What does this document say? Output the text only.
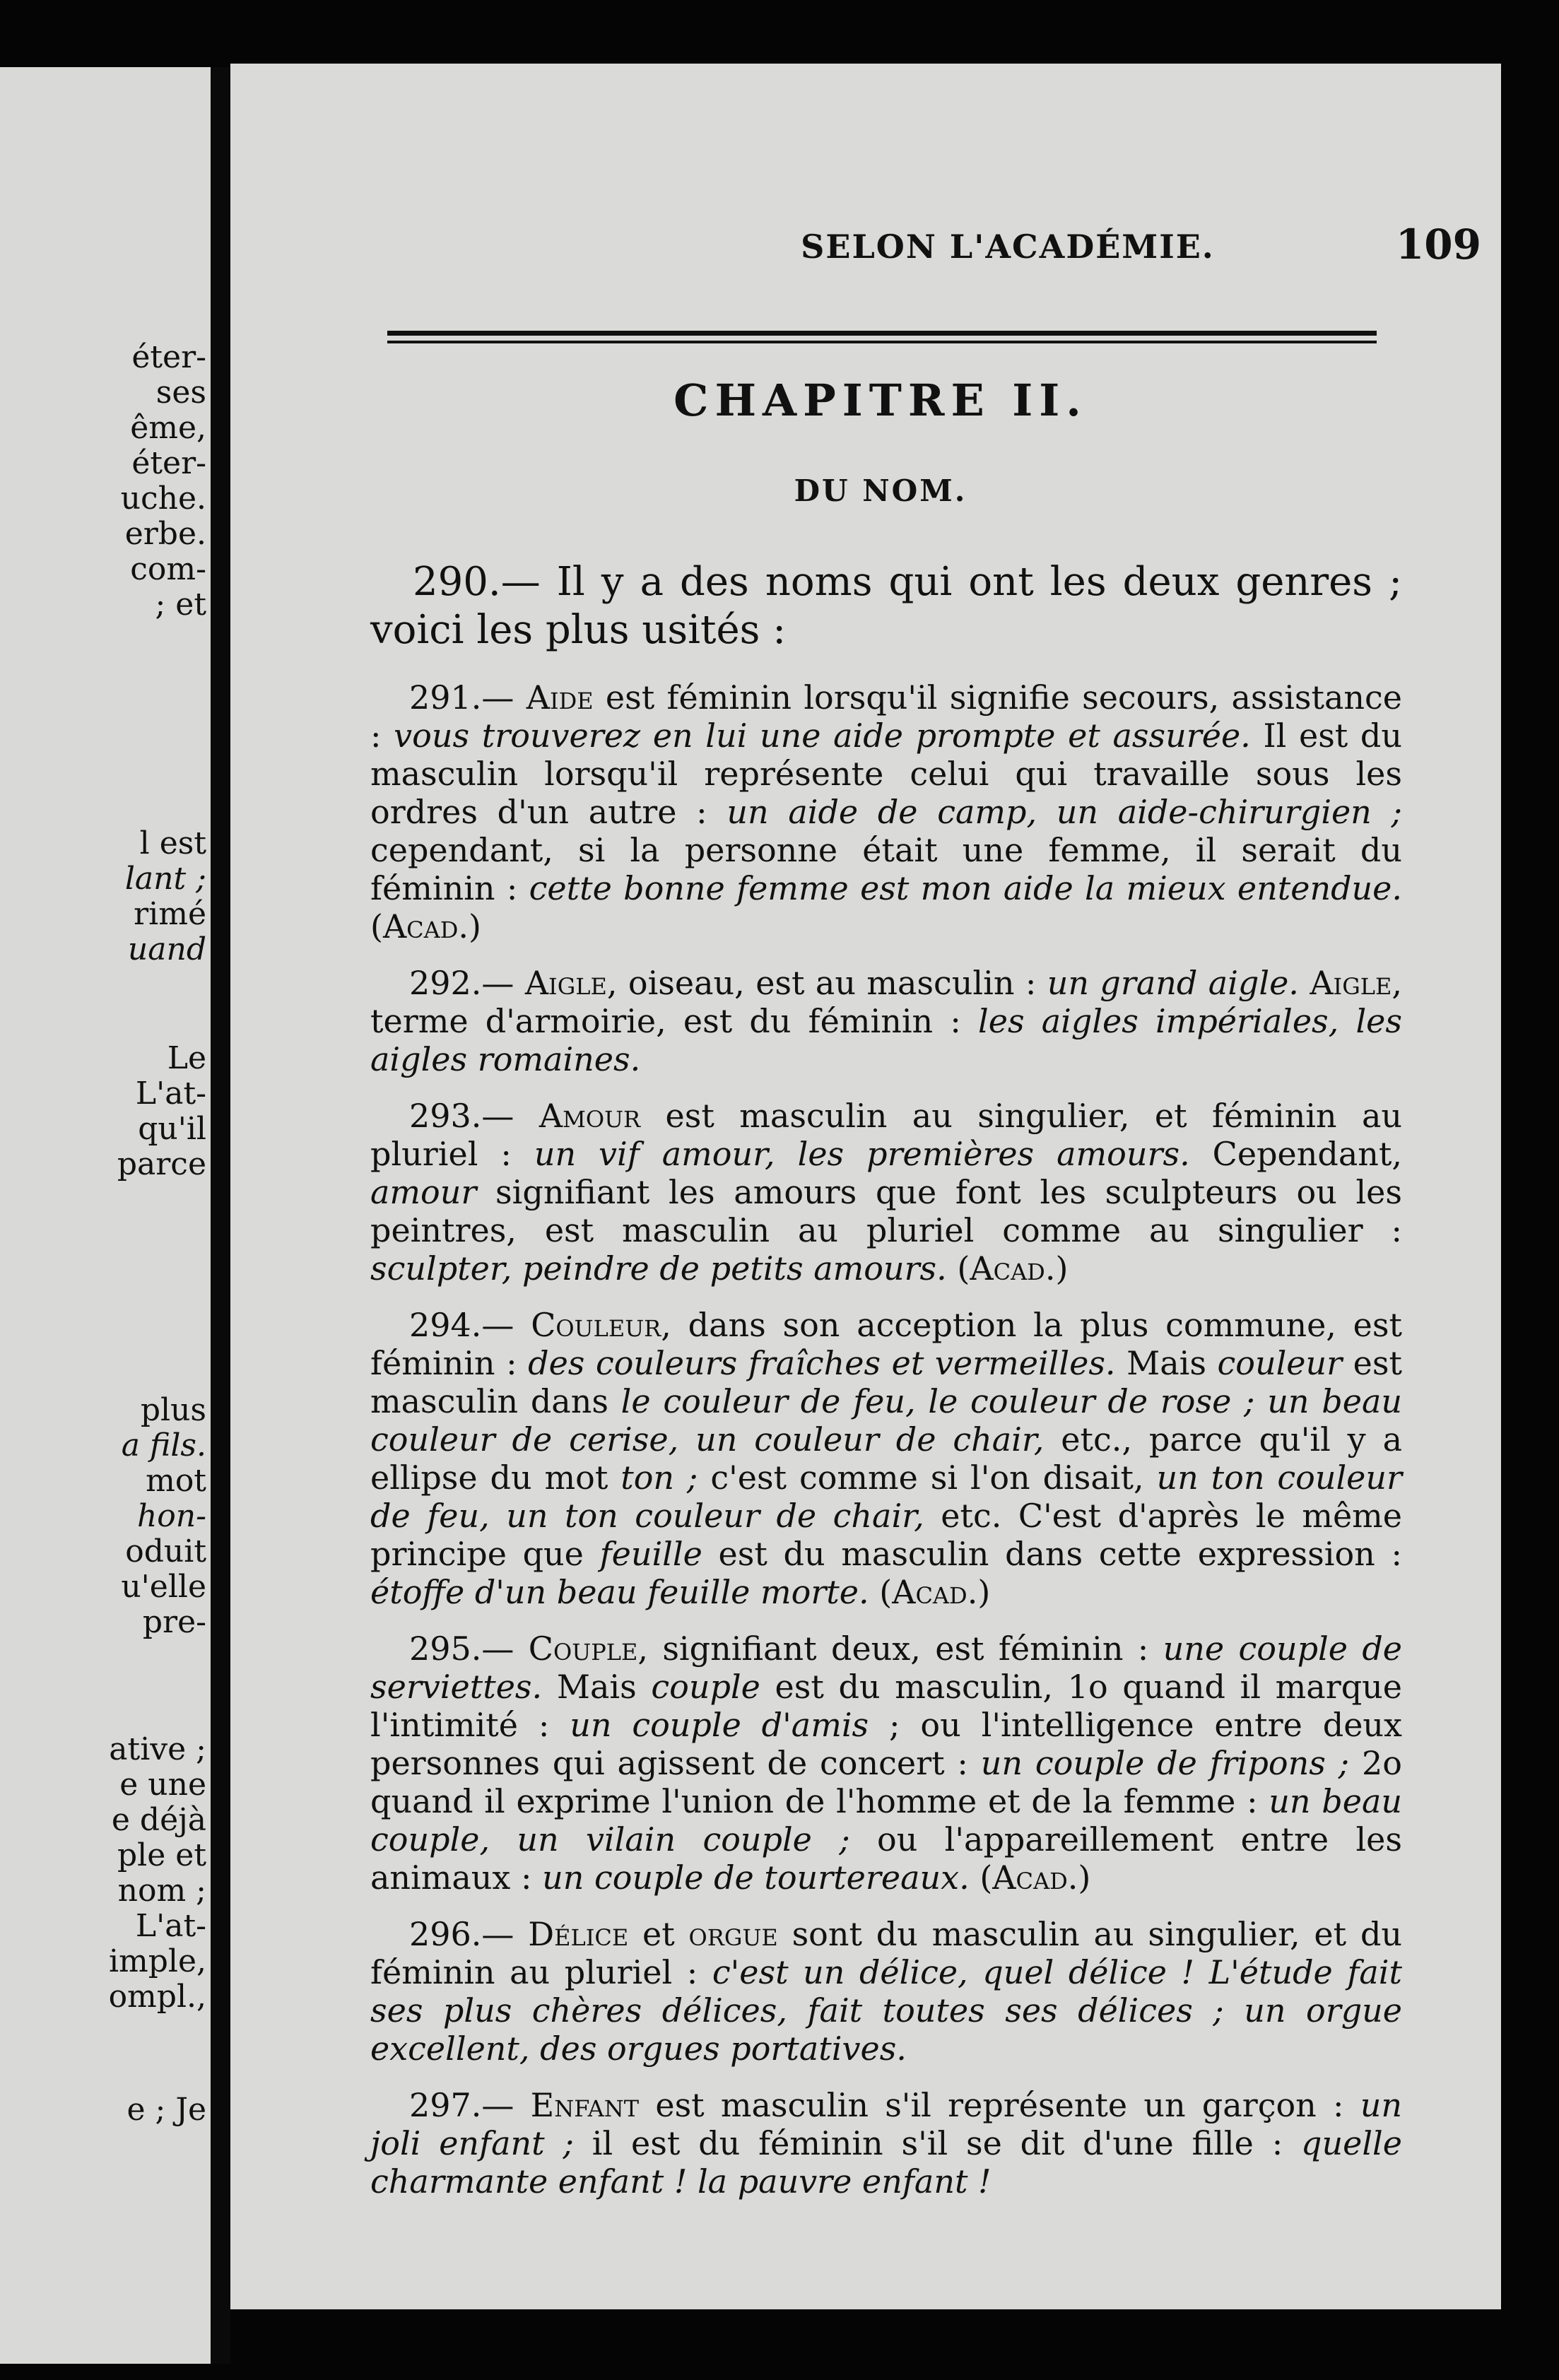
éter-
ses
ême,
éter-
uche.
erbe.
com-
; et
l est
lant ;
rimé
uand
Le
L'at-
qu'il
parce
plus
a fils.
mot
hon-
oduit
u'elle
pre-
ative ;
e une
e déjà
ple et
nom ;
L'at-
imple,
ompl.,
e ; Je
SELON L'ACADÉMIE.	109
CHAPITRE II.
DU NOM.

290.— Il y a des noms qui ont les deux genres ; voici les plus usités :

291.— Aide est féminin lorsqu'il signifie secours, assistance : vous trouverez en lui une aide prompte et assurée. Il est du masculin lorsqu'il représente celui qui travaille sous les ordres d'un autre : un aide de camp, un aide-chirurgien ; cependant, si la personne était une femme, il serait du féminin : cette bonne femme est mon aide la mieux entendue. (Acad.)

292.— Aigle, oiseau, est au masculin : un grand aigle. Aigle, terme d'armoirie, est du féminin : les aigles impériales, les aigles romaines.

293.— Amour est masculin au singulier, et féminin au pluriel : un vif amour, les premières amours. Cependant, amour signifiant les amours que font les sculpteurs ou les peintres, est masculin au pluriel comme au singulier : sculpter, peindre de petits amours. (Acad.)

294.— Couleur, dans son acception la plus commune, est féminin : des couleurs fraîches et vermeilles. Mais couleur est masculin dans le couleur de feu, le couleur de rose ; un beau couleur de cerise, un couleur de chair, etc., parce qu'il y a ellipse du mot ton ; c'est comme si l'on disait, un ton couleur de feu, un ton couleur de chair, etc. C'est d'après le même principe que feuille est du masculin dans cette expression : étoffe d'un beau feuille morte. (Acad.)

295.— Couple, signifiant deux, est féminin : une couple de serviettes. Mais couple est du masculin, 1o quand il marque l'intimité : un couple d'amis ; ou l'intelligence entre deux personnes qui agissent de concert : un couple de fripons ; 2o quand il exprime l'union de l'homme et de la femme : un beau couple, un vilain couple ; ou l'appareillement entre les animaux : un couple de tourtereaux. (Acad.)

296.— Délice et orgue sont du masculin au singulier, et du féminin au pluriel : c'est un délice, quel délice ! L'étude fait ses plus chères délices, fait toutes ses délices ; un orgue excellent, des orgues portatives.

297.— Enfant est masculin s'il représente un garçon : un joli enfant ; il est du féminin s'il se dit d'une fille : quelle charmante enfant ! la pauvre enfant !
